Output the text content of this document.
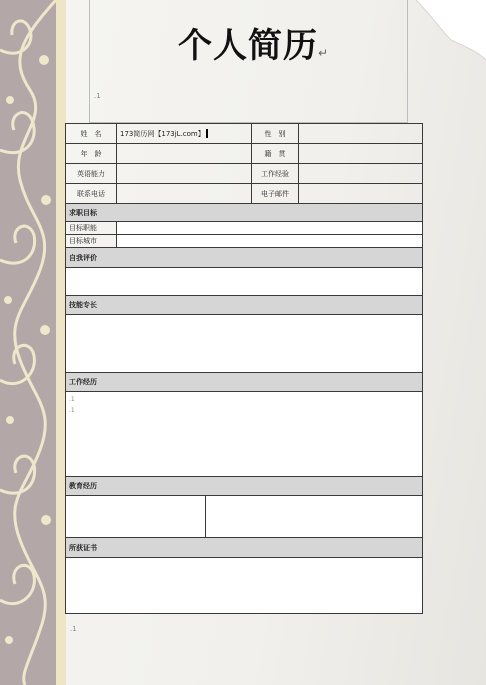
个人简历↵
.1
姓　名	173简历网【173jL.com】		性　别	
年　龄			籍　贯	
英语能力			工作经验	
联系电话			电子邮件	
求职目标				
目标职能				
目标城市				
自我评价				

技能专长				

工作经历				

.1
.1				

教育经历				

所获证书				

.1
